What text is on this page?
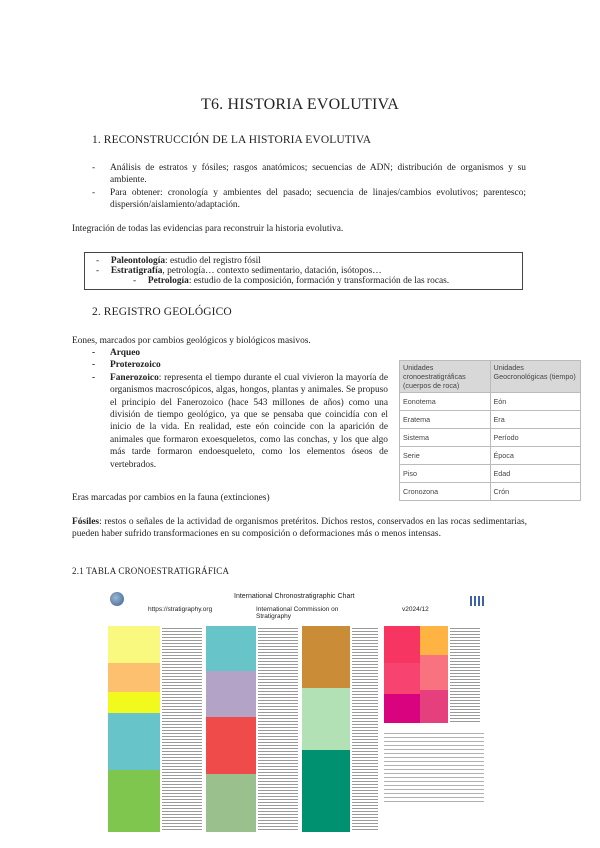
T6. HISTORIA EVOLUTIVA
1. RECONSTRUCCIÓN DE LA HISTORIA EVOLUTIVA
- Análisis de estratos y fósiles; rasgos anatómicos; secuencias de ADN; distribución de organismos y su ambiente.
- Para obtener: cronología y ambientes del pasado; secuencia de linajes/cambios evolutivos; parentesco; dispersión/aislamiento/adaptación.
Integración de todas las evidencias para reconstruir la historia evolutiva.
-     Paleontología: estudio del registro fósil
-     Estratigrafía, petrología… contexto sedimentario, datación, isótopos…
-     Petrología: estudio de la composición, formación y transformación de las rocas.
2. REGISTRO GEOLÓGICO
Eones, marcados por cambios geológicos y biológicos masivos.
- Arqueo
- Proterozoico
- Fanerozoico: representa el tiempo durante el cual vivieron la mayoría de organismos macroscópicos, algas, hongos, plantas y animales. Se propuso el principio del Fanerozoico (hace 543 millones de años) como una división de tiempo geológico, ya que se pensaba que coincidía con el inicio de la vida. En realidad, este eón coincide con la aparición de animales que formaron exoesqueletos, como las conchas, y los que algo más tarde formaron endoesqueleto, como los elementos óseos de vertebrados.
Unidades cronoestratigráficas (cuerpos de roca)	Unidades Geocronológicas (tiempo)
Eonotema	Eón
Eratema	Era
Sistema	Período
Serie	Época
Piso	Edad
Cronozona	Crón
Eras marcadas por cambios en la fauna (extinciones)
Fósiles: restos o señales de la actividad de organismos pretéritos. Dichos restos, conservados en las rocas sedimentarias, pueden haber sufrido transformaciones en su composición o deformaciones más o menos intensas.
2.1 TABLA CRONOESTRATIGRÁFICA
International Chronostratigraphic Chart
https://stratigraphy.org	International Commission on Stratigraphy
v2024/12
